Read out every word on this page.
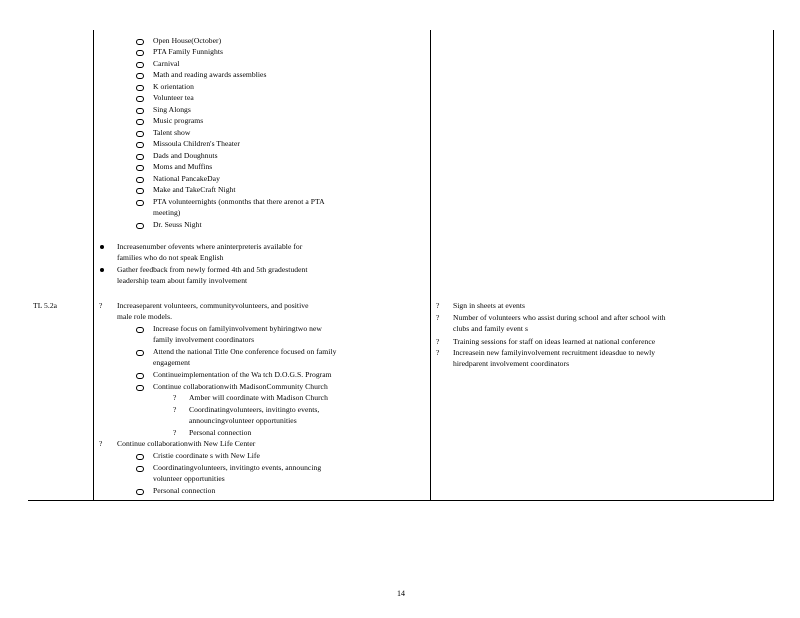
Open House(October)
PTA Family Funnights
Carnival
Math and reading awards assemblies
K orientation
Volunteer tea
Sing Alongs
Music programs
Talent show
Missoula Children's Theater
Dads and Doughnuts
Moms and Muffins
National PancakeDay
Make and TakeCraft Night
PTA volunteernights (onmonths that there arenot a PTA
meeting)
Dr. Seuss Night
Increasenumber ofevents where aninterpreteris available for
families who do not speak English
Gather feedback from newly formed 4th and 5th gradestudent
leadership team about family involvement
TL 5.2a	? Increaseparent volunteers, communityvolunteers, and positive
male role models.
Increase focus on familyinvolvement byhiringtwo new
family involvement coordinators
Attend the national Title One conference focused on family
engagement
Continueimplementation of the Wa tch D.O.G.S. Program
Continue collaborationwith MadisonCommunity Church
? Amber will coordinate with Madison Church
? Coordinatingvolunteers, invitingto events,
announcingvolunteer opportunities
? Personal connection
? Continue collaborationwith New Life Center
Cristie coordinate s with New Life
Coordinatingvolunteers, invitingto events, announcing
volunteer opportunities
Personal connection
? Sign in sheets at events
? Number of volunteers who assist during school and after school with
clubs and family event s
? Training sessions for staff on ideas learned at national conference
? Increasein new familyinvolvement recruitment ideasdue to newly
hiredparent involvement coordinators
14
